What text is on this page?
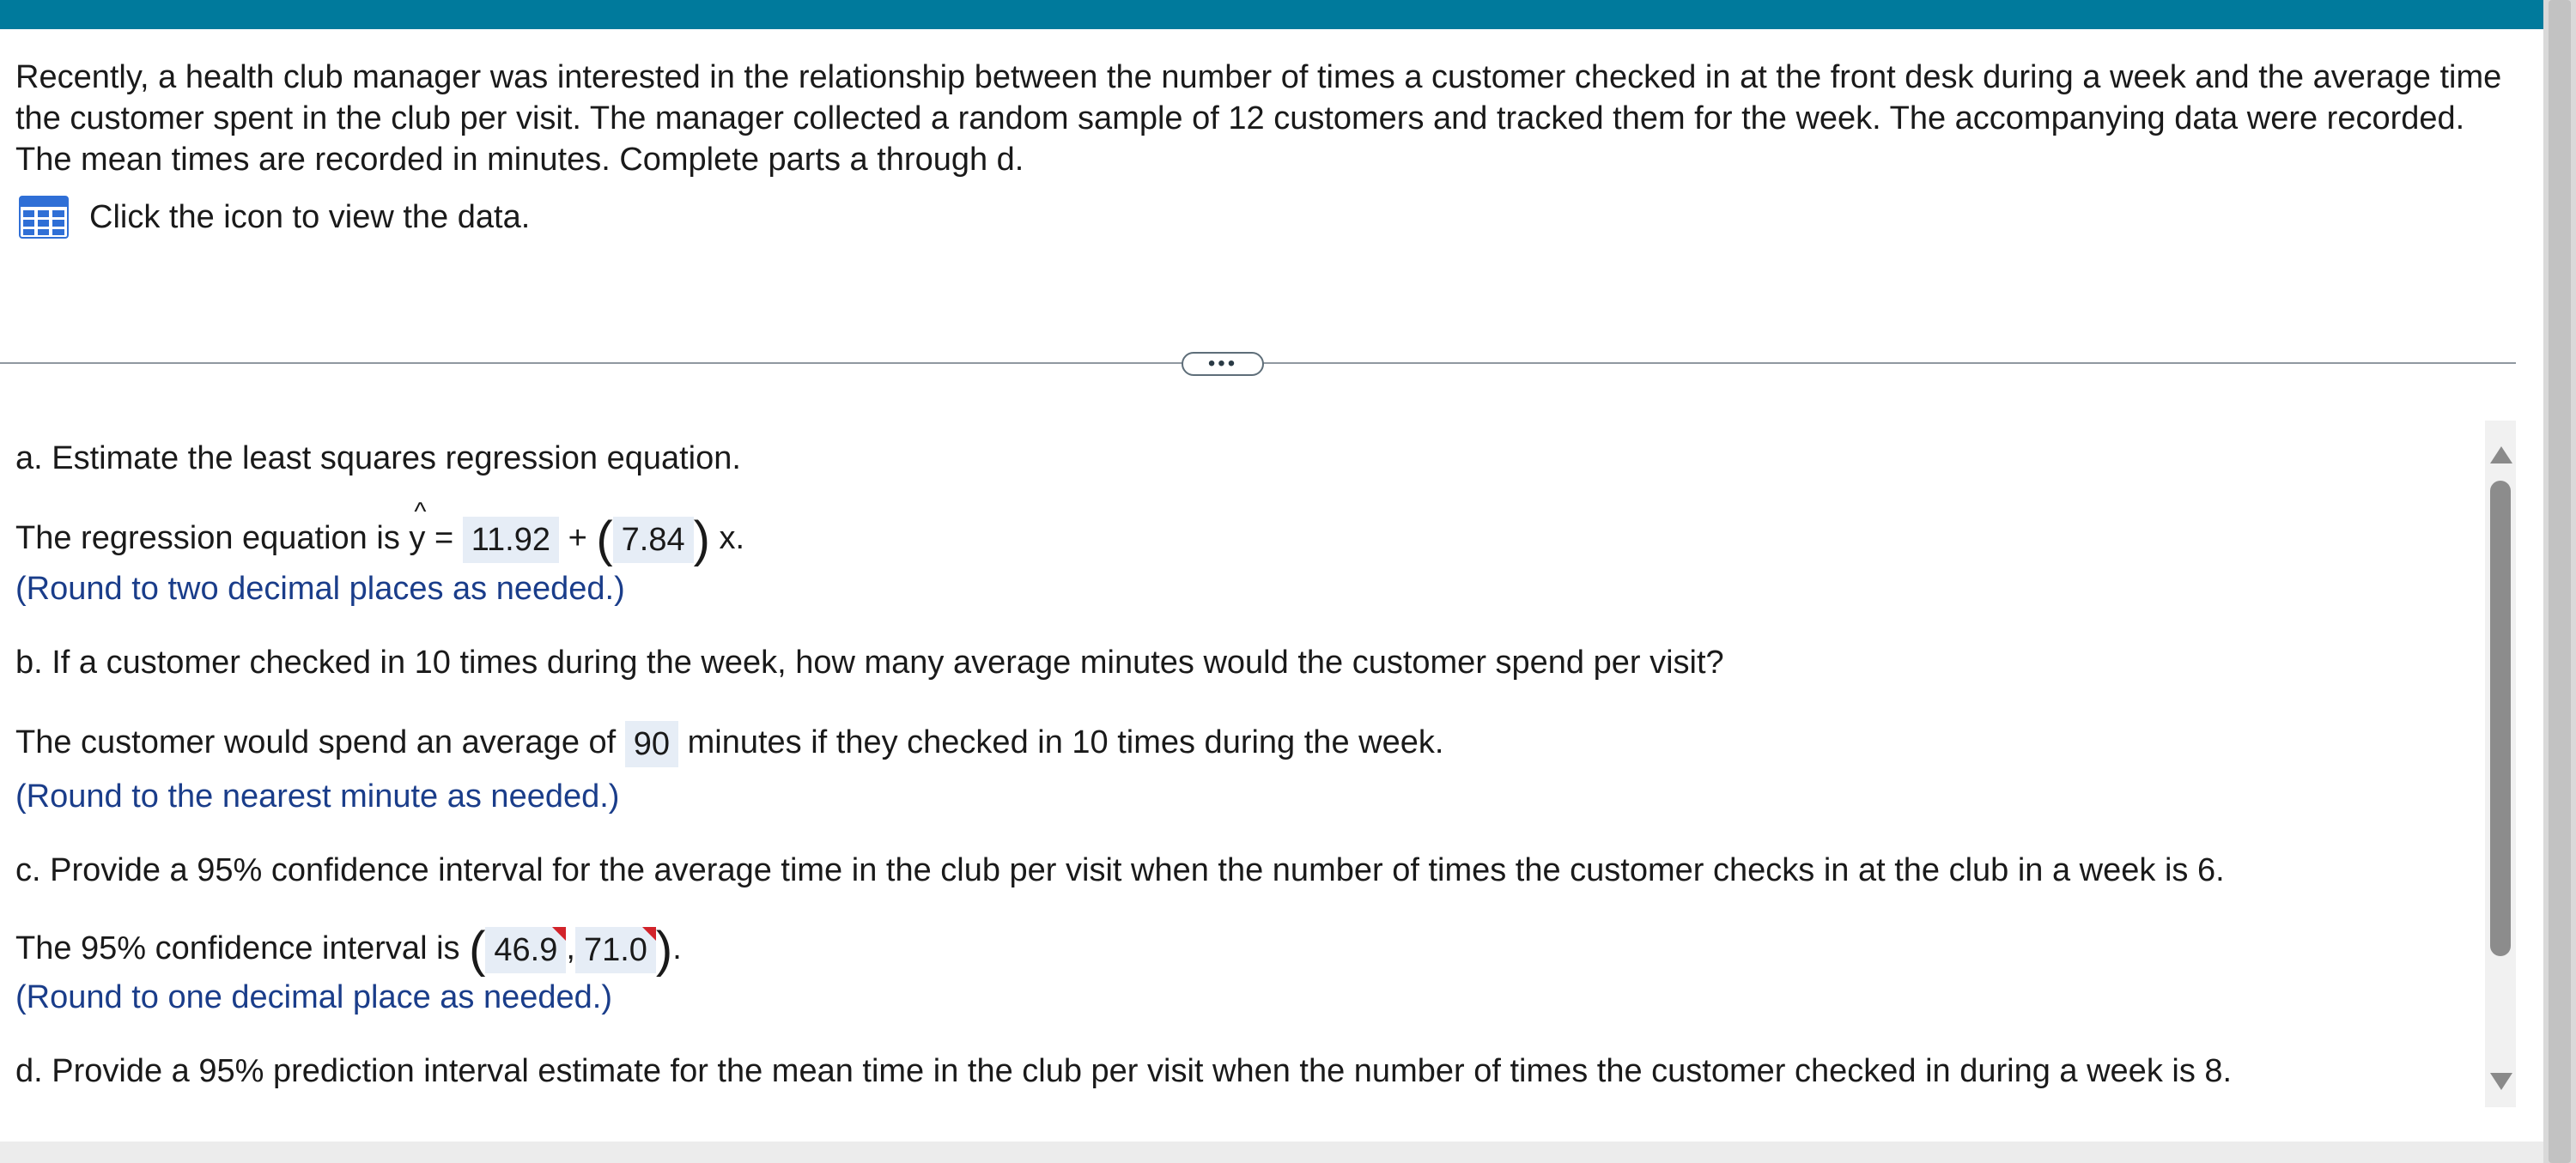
Recently, a health club manager was interested in the relationship between the number of times a customer checked in at the front desk during a week and the average time the customer spent in the club per visit. The manager collected a random sample of 12 customers and tracked them for the week. The accompanying data were recorded. The mean times are recorded in minutes. Complete parts a through d.

Click the icon to view the data.
•••
a. Estimate the least squares regression equation.
The regression equation is ^ y = 11.92 + ( 7.84 ) x.
(Round to two decimal places as needed.)
b. If a customer checked in 10 times during the week, how many average minutes would the customer spend per visit?
The customer would spend an average of 90 minutes if they checked in 10 times during the week.
(Round to the nearest minute as needed.)
c. Provide a 95% confidence interval for the average time in the club per visit when the number of times the customer checks in at the club in a week is 6.
The 95% confidence interval is ( 46.9 , 71.0 ).
(Round to one decimal place as needed.)
d. Provide a 95% prediction interval estimate for the mean time in the club per visit when the number of times the customer checked in during a week is 8.
